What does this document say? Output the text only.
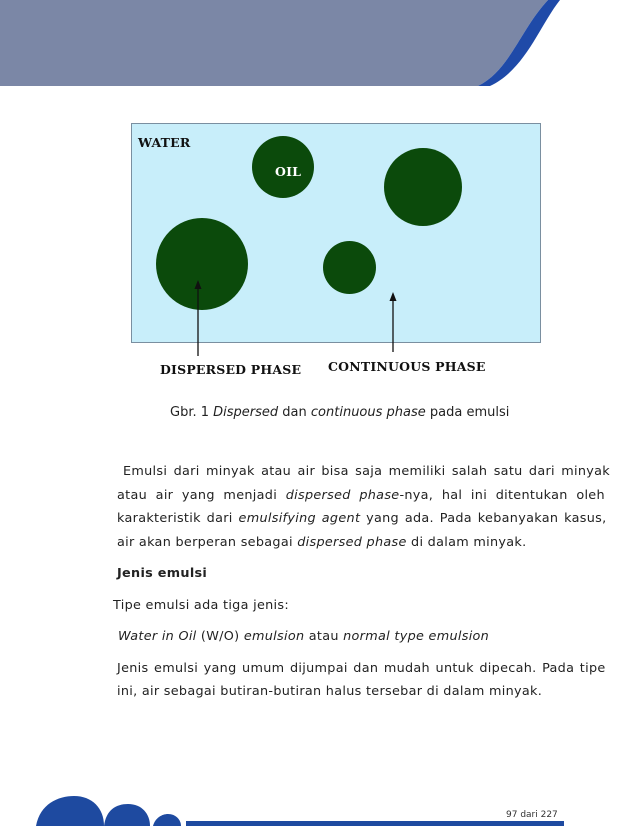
WATER
OIL
DISPERSED PHASE CONTINUOUS PHASE
Gbr. 1 Dispersed dan continuous phase pada emulsi
Emulsi dari minyak atau air bisa saja memiliki salah satu dari minyak
atau air yang menjadi dispersed phase-nya, hal ini ditentukan oleh
karakteristik dari emulsifying agent yang ada. Pada kebanyakan kasus,
air akan berperan sebagai dispersed phase di dalam minyak.
Jenis emulsi
Tipe emulsi ada tiga jenis:
Water in Oil (W/O) emulsion atau normal type emulsion
Jenis emulsi yang umum dijumpai dan mudah untuk dipecah. Pada tipe
ini, air sebagai butiran-butiran halus tersebar di dalam minyak.
97 dari 227
